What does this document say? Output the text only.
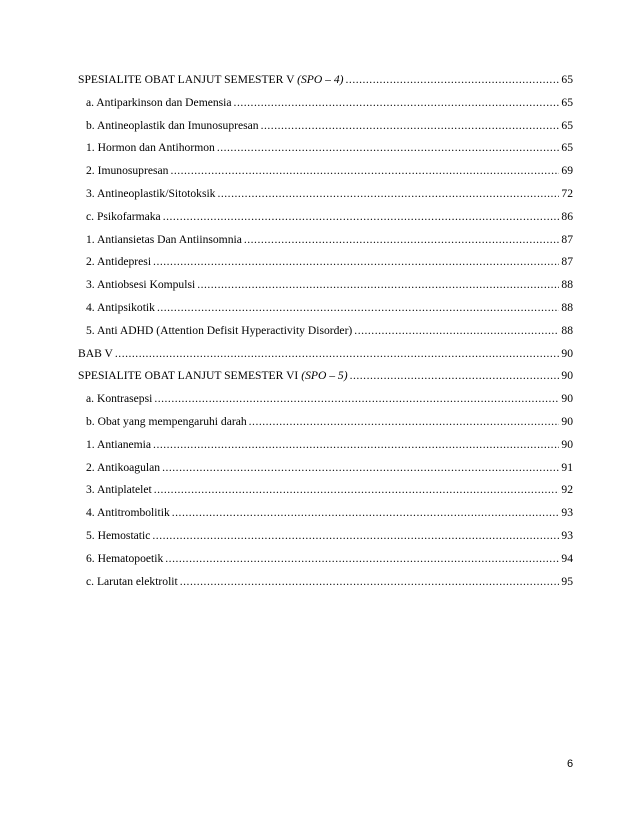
SPESIALITE OBAT LANJUT SEMESTER V (SPO – 4) .....	65
a. Antiparkinson dan Demensia .....	65
b. Antineoplastik dan Imunosupresan .....	65
1. Hormon dan Antihormon .....	65
2. Imunosupresan .....	69
3. Antineoplastik/Sitotoksik .....	72
c. Psikofarmaka .....	86
1. Antiansietas Dan Antiinsomnia .....	87
2. Antidepresi .....	87
3. Antiobsesi Kompulsi .....	88
4. Antipsikotik .....	88
5. Anti ADHD (Attention Defisit Hyperactivity Disorder) .....	88
BAB V .....	90
SPESIALITE OBAT LANJUT SEMESTER VI (SPO – 5) .....	90
a. Kontrasepsi .....	90
b. Obat yang mempengaruhi darah .....	90
1. Antianemia .....	90
2. Antikoagulan .....	91
3. Antiplatelet .....	92
4. Antitrombolitik .....	93
5. Hemostatic .....	93
6. Hematopoetik .....	94
c. Larutan elektrolit .....	95
6
